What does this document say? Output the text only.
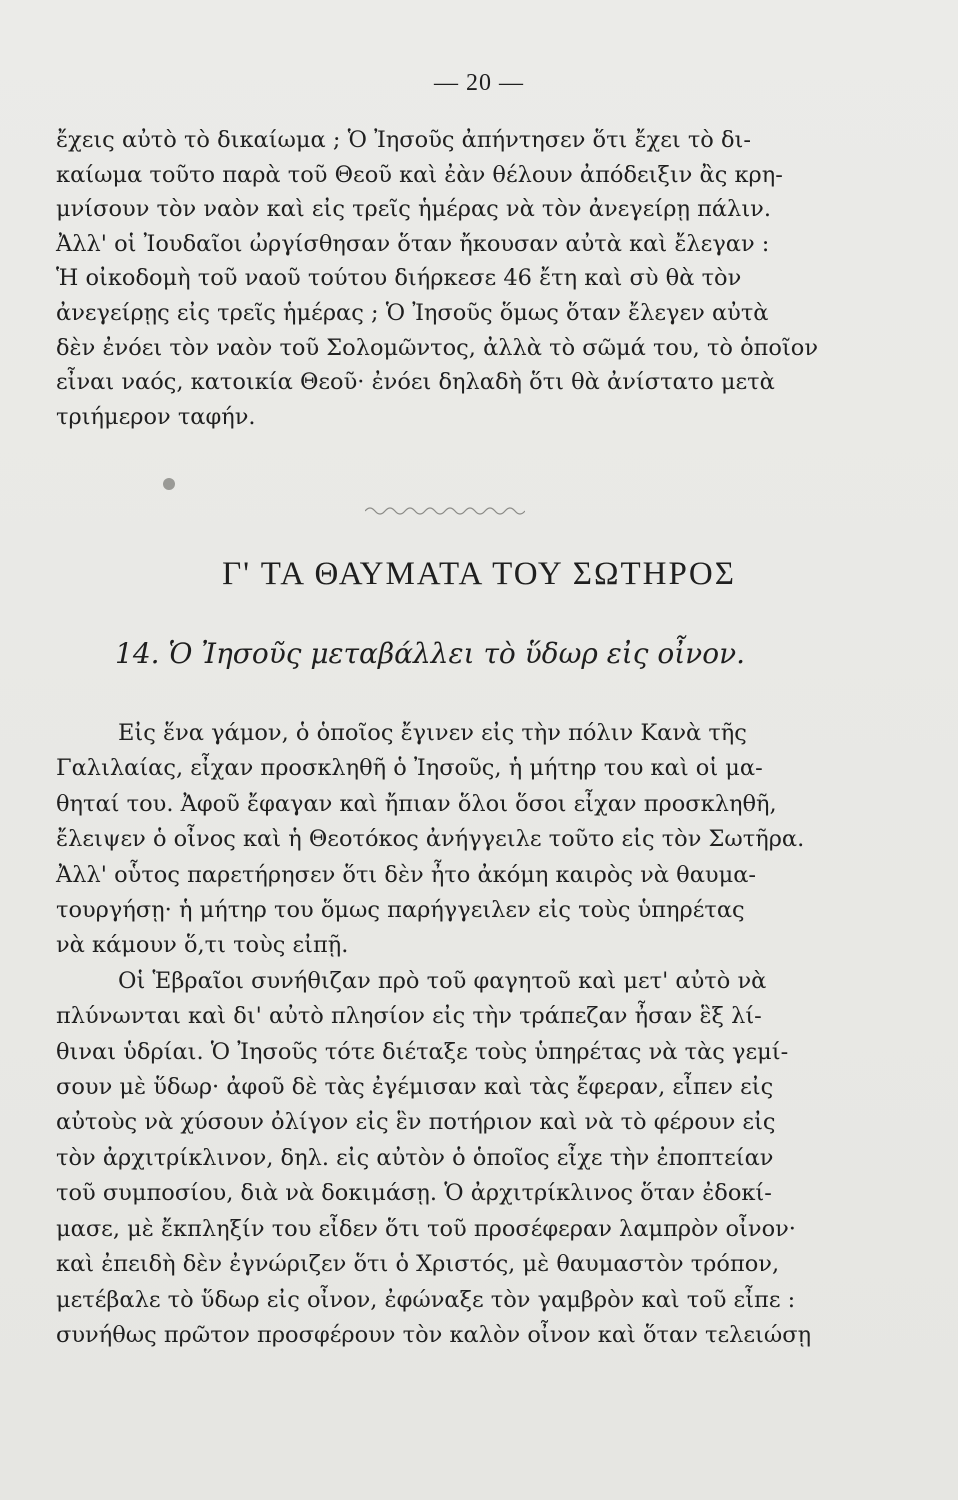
— 20 —
ἔχεις αὐτὸ τὸ δικαίωμα ; Ὁ Ἰησοῦς ἀπήντησεν ὅτι ἔχει τὸ δι-
καίωμα τοῦτο παρὰ τοῦ Θεοῦ καὶ ἐὰν θέλουν ἀπόδειξιν ἂς κρη-
μνίσουν τὸν ναὸν καὶ εἰς τρεῖς ἡμέρας νὰ τὸν ἀνεγείρῃ πάλιν.
Ἀλλ' οἱ Ἰουδαῖοι ὠργίσθησαν ὅταν ἤκουσαν αὐτὰ καὶ ἔλεγαν :
Ἡ οἰκοδομὴ τοῦ ναοῦ τούτου διήρκεσε 46 ἔτη καὶ σὺ θὰ τὸν
ἀνεγείρῃς εἰς τρεῖς ἡμέρας ; Ὁ Ἰησοῦς ὅμως ὅταν ἔλεγεν αὐτὰ
δὲν ἐνόει τὸν ναὸν τοῦ Σολομῶντος, ἀλλὰ τὸ σῶμά του, τὸ ὁποῖον
εἶναι ναός, κατοικία Θεοῦ· ἐνόει δηλαδὴ ὅτι θὰ ἀνίστατο μετὰ
τριήμερον ταφήν.
Γ' ΤΑ ΘΑΥΜΑΤΑ ΤΟΥ ΣΩΤΗΡΟΣ
14. Ὁ Ἰησοῦς μεταβάλλει τὸ ὕδωρ εἰς οἶνον.
Εἰς ἕνα γάμον, ὁ ὁποῖος ἔγινεν εἰς τὴν πόλιν Κανὰ τῆς
Γαλιλαίας, εἶχαν προσκληθῆ ὁ Ἰησοῦς, ἡ μήτηρ του καὶ οἱ μα-
θηταί του. Ἀφοῦ ἔφαγαν καὶ ἤπιαν ὅλοι ὅσοι εἶχαν προσκληθῆ,
ἔλειψεν ὁ οἶνος καὶ ἡ Θεοτόκος ἀνήγγειλε τοῦτο εἰς τὸν Σωτῆρα.
Ἀλλ' οὗτος παρετήρησεν ὅτι δὲν ἦτο ἀκόμη καιρὸς νὰ θαυμα-
τουργήσῃ· ἡ μήτηρ του ὅμως παρήγγειλεν εἰς τοὺς ὑπηρέτας
νὰ κάμουν ὅ,τι τοὺς εἰπῇ.
Οἱ Ἑβραῖοι συνήθιζαν πρὸ τοῦ φαγητοῦ καὶ μετ' αὐτὸ νὰ
πλύνωνται καὶ δι' αὐτὸ πλησίον εἰς τὴν τράπεζαν ἦσαν ἓξ λί-
θιναι ὑδρίαι. Ὁ Ἰησοῦς τότε διέταξε τοὺς ὑπηρέτας νὰ τὰς γεμί-
σουν μὲ ὕδωρ· ἀφοῦ δὲ τὰς ἐγέμισαν καὶ τὰς ἔφεραν, εἶπεν εἰς
αὐτοὺς νὰ χύσουν ὀλίγον εἰς ἓν ποτήριον καὶ νὰ τὸ φέρουν εἰς
τὸν ἀρχιτρίκλινον, δηλ. εἰς αὐτὸν ὁ ὁποῖος εἶχε τὴν ἐποπτείαν
τοῦ συμποσίου, διὰ νὰ δοκιμάσῃ. Ὁ ἀρχιτρίκλινος ὅταν ἐδοκί-
μασε, μὲ ἔκπληξίν του εἶδεν ὅτι τοῦ προσέφεραν λαμπρὸν οἶνον·
καὶ ἐπειδὴ δὲν ἐγνώριζεν ὅτι ὁ Χριστός, μὲ θαυμαστὸν τρόπον,
μετέβαλε τὸ ὕδωρ εἰς οἶνον, ἐφώναξε τὸν γαμβρὸν καὶ τοῦ εἶπε :
συνήθως πρῶτον προσφέρουν τὸν καλὸν οἶνον καὶ ὅταν τελειώσῃ
